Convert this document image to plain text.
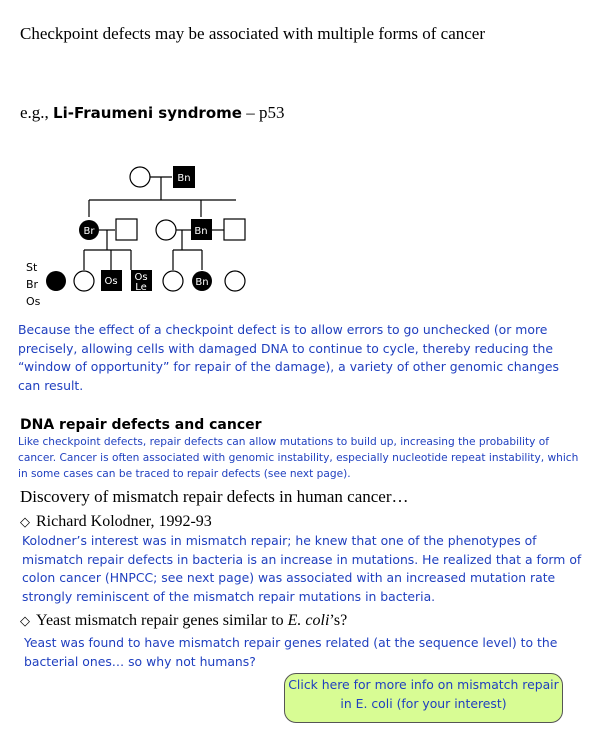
Checkpoint defects may be associated with multiple forms of cancer
e.g., Li-Fraumeni syndrome – p53
Bn
Br	Bn
Os Os
Le	Bn
St
Br
Os
Because the effect of a checkpoint defect is to allow errors to go unchecked (or more precisely, allowing cells with damaged DNA to continue to cycle, thereby reducing the “window of opportunity” for repair of the damage), a variety of other genomic changes can result.
DNA repair defects and cancer
Like checkpoint defects, repair defects can allow mutations to build up, increasing the probability of cancer. Cancer is often associated with genomic instability, especially nucleotide repeat instability, which in some cases can be traced to repair defects (see next page).
Discovery of mismatch repair defects in human cancer…
◇ Richard Kolodner, 1992-93
Kolodner’s interest was in mismatch repair; he knew that one of the phenotypes of mismatch repair defects in bacteria is an increase in mutations. He realized that a form of colon cancer (HNPCC; see next page) was associated with an increased mutation rate strongly reminiscent of the mismatch repair mutations in bacteria.
◇ Yeast mismatch repair genes similar to E. coli’s?
Yeast was found to have mismatch repair genes related (at the sequence level) to the bacterial ones… so why not humans?
Click here for more info on mismatch repair in E. coli (for your interest)
